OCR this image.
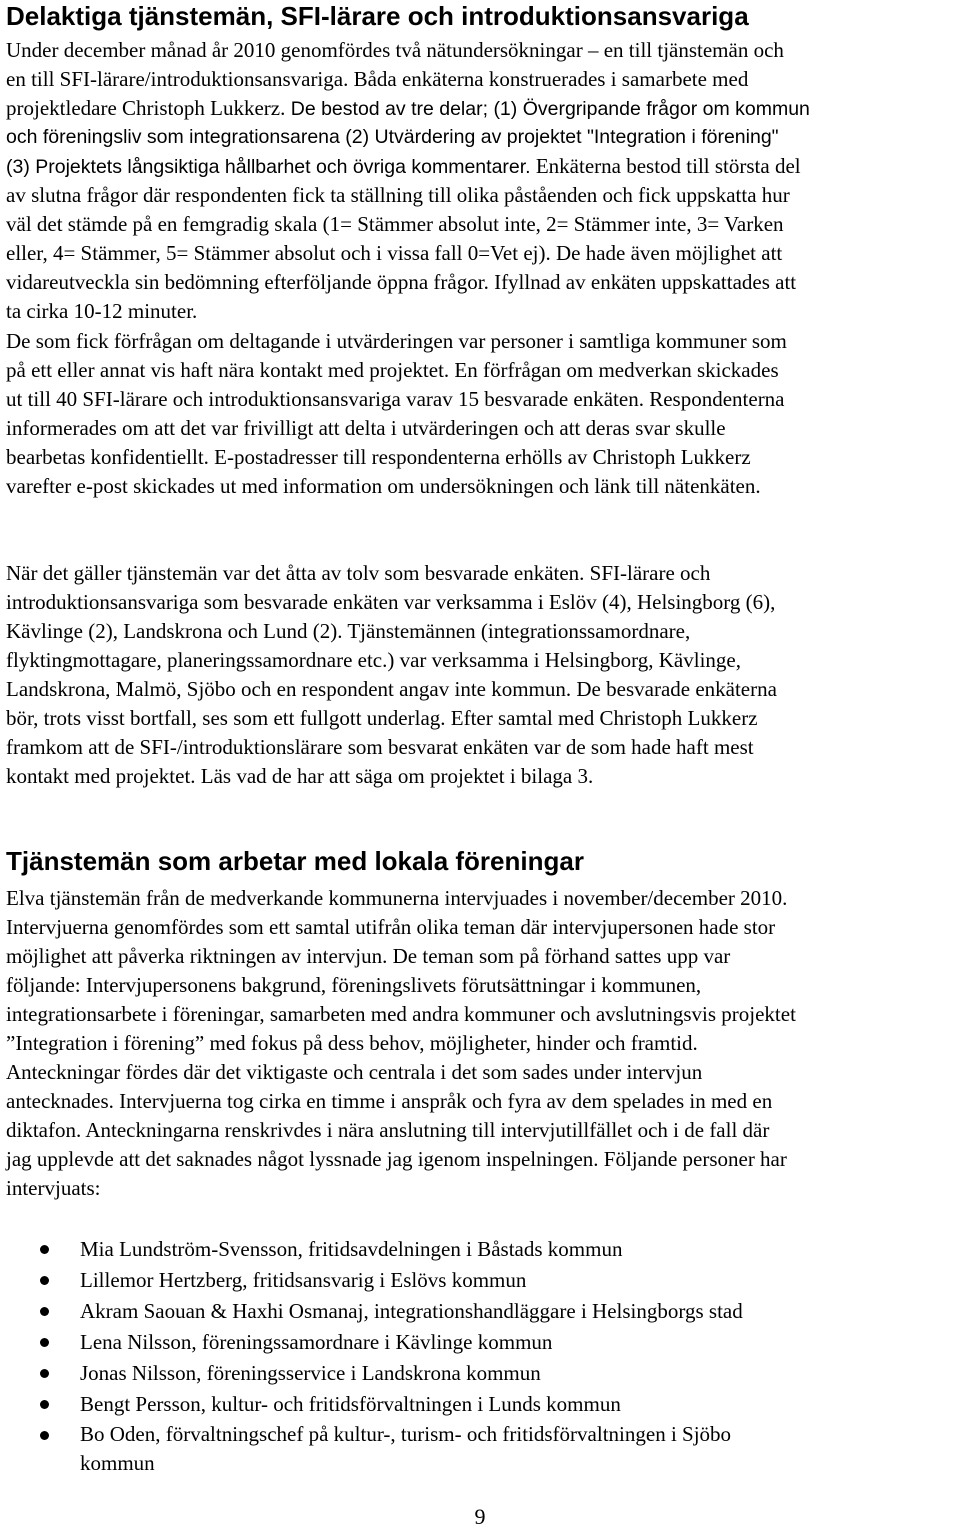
Delaktiga tjänstemän, SFI-lärare och introduktionsansvariga
Under december månad år 2010 genomfördes två nätundersökningar – en till tjänstemän och
en till SFI-lärare/introduktionsansvariga. Båda enkäterna konstruerades i samarbete med
projektledare Christoph Lukkerz. De bestod av tre delar; (1) Övergripande frågor om kommun
och föreningsliv som integrationsarena (2) Utvärdering av projektet "Integration i förening"
(3) Projektets långsiktiga hållbarhet och övriga kommentarer. Enkäterna bestod till största del
av slutna frågor där respondenten fick ta ställning till olika påståenden och fick uppskatta hur
väl det stämde på en femgradig skala (1= Stämmer absolut inte, 2= Stämmer inte, 3= Varken
eller, 4= Stämmer, 5= Stämmer absolut och i vissa fall 0=Vet ej). De hade även möjlighet att
vidareutveckla sin bedömning efterföljande öppna frågor. Ifyllnad av enkäten uppskattades att
ta cirka 10-12 minuter.
De som fick förfrågan om deltagande i utvärderingen var personer i samtliga kommuner som
på ett eller annat vis haft nära kontakt med projektet. En förfrågan om medverkan skickades
ut till 40 SFI-lärare och introduktionsansvariga varav 15 besvarade enkäten. Respondenterna
informerades om att det var frivilligt att delta i utvärderingen och att deras svar skulle
bearbetas konfidentiellt. E-postadresser till respondenterna erhölls av Christoph Lukkerz
varefter e-post skickades ut med information om undersökningen och länk till nätenkäten.
När det gäller tjänstemän var det åtta av tolv som besvarade enkäten. SFI-lärare och
introduktionsansvariga som besvarade enkäten var verksamma i Eslöv (4), Helsingborg (6),
Kävlinge (2), Landskrona och Lund (2). Tjänstemännen (integrationssamordnare,
flyktingmottagare, planeringssamordnare etc.) var verksamma i Helsingborg, Kävlinge,
Landskrona, Malmö, Sjöbo och en respondent angav inte kommun. De besvarade enkäterna
bör, trots visst bortfall, ses som ett fullgott underlag. Efter samtal med Christoph Lukkerz
framkom att de SFI-/introduktionslärare som besvarat enkäten var de som hade haft mest
kontakt med projektet. Läs vad de har att säga om projektet i bilaga 3.
Tjänstemän som arbetar med lokala föreningar
Elva tjänstemän från de medverkande kommunerna intervjuades i november/december 2010.
Intervjuerna genomfördes som ett samtal utifrån olika teman där intervjupersonen hade stor
möjlighet att påverka riktningen av intervjun. De teman som på förhand sattes upp var
följande: Intervjupersonens bakgrund, föreningslivets förutsättningar i kommunen,
integrationsarbete i föreningar, samarbeten med andra kommuner och avslutningsvis projektet
”Integration i förening” med fokus på dess behov, möjligheter, hinder och framtid.
Anteckningar fördes där det viktigaste och centrala i det som sades under intervjun
antecknades. Intervjuerna tog cirka en timme i anspråk och fyra av dem spelades in med en
diktafon. Anteckningarna renskrivdes i nära anslutning till intervjutillfället och i de fall där
jag upplevde att det saknades något lyssnade jag igenom inspelningen. Följande personer har
intervjuats:
Mia Lundström-Svensson, fritidsavdelningen i Båstads kommun
Lillemor Hertzberg, fritidsansvarig i Eslövs kommun
Akram Saouan & Haxhi Osmanaj, integrationshandläggare i Helsingborgs stad
Lena Nilsson, föreningssamordnare i Kävlinge kommun
Jonas Nilsson, föreningsservice i Landskrona kommun
Bengt Persson, kultur- och fritidsförvaltningen i Lunds kommun
Bo Oden, förvaltningschef på kultur-, turism- och fritidsförvaltningen i Sjöbo
kommun
9
